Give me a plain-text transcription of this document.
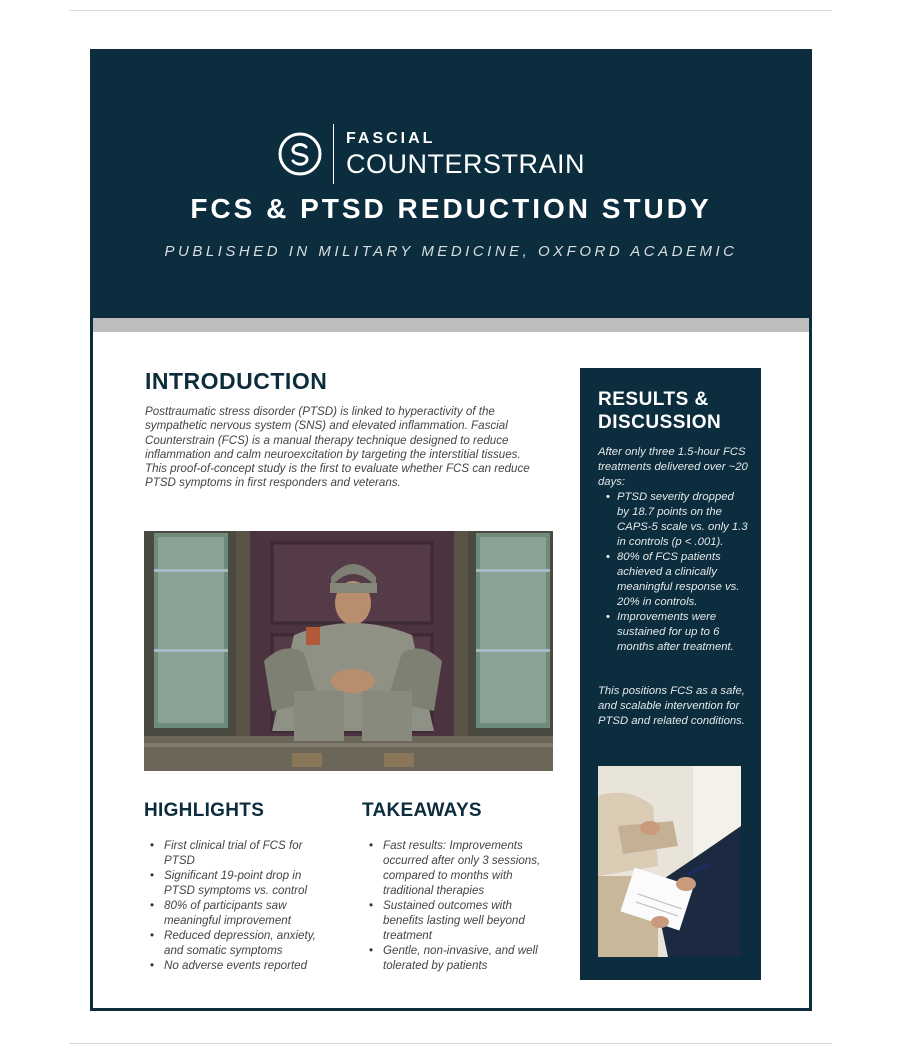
FASCIAL
COUNTERSTRAIN
FCS & PTSD REDUCTION STUDY
PUBLISHED IN MILITARY MEDICINE, OXFORD ACADEMIC
INTRODUCTION
Posttraumatic stress disorder (PTSD) is linked to hyperactivity of the sympathetic nervous system (SNS) and elevated inflammation. Fascial Counterstrain (FCS) is a manual therapy technique designed to reduce inflammation and calm neuroexcitation by targeting the interstitial tissues. This proof-of-concept study is the first to evaluate whether FCS can reduce PTSD symptoms in first responders and veterans.
HIGHLIGHTS
• First clinical trial of FCS for PTSD
• Significant 19-point drop in PTSD symptoms vs. control
• 80% of participants saw meaningful improvement
• Reduced depression, anxiety, and somatic symptoms
• No adverse events reported
TAKEAWAYS
• Fast results: Improvements occurred after only 3 sessions, compared to months with traditional therapies
• Sustained outcomes with benefits lasting well beyond treatment
• Gentle, non-invasive, and well tolerated by patients
RESULTS &
DISCUSSION
After only three 1.5-hour FCS treatments delivered over ~20 days:
• PTSD severity dropped by 18.7 points on the CAPS-5 scale vs. only 1.3 in controls (p < .001).
• 80% of FCS patients achieved a clinically meaningful response vs. 20% in controls.
• Improvements were sustained for up to 6 months after treatment.
This positions FCS as a safe, and scalable intervention for PTSD and related conditions.
